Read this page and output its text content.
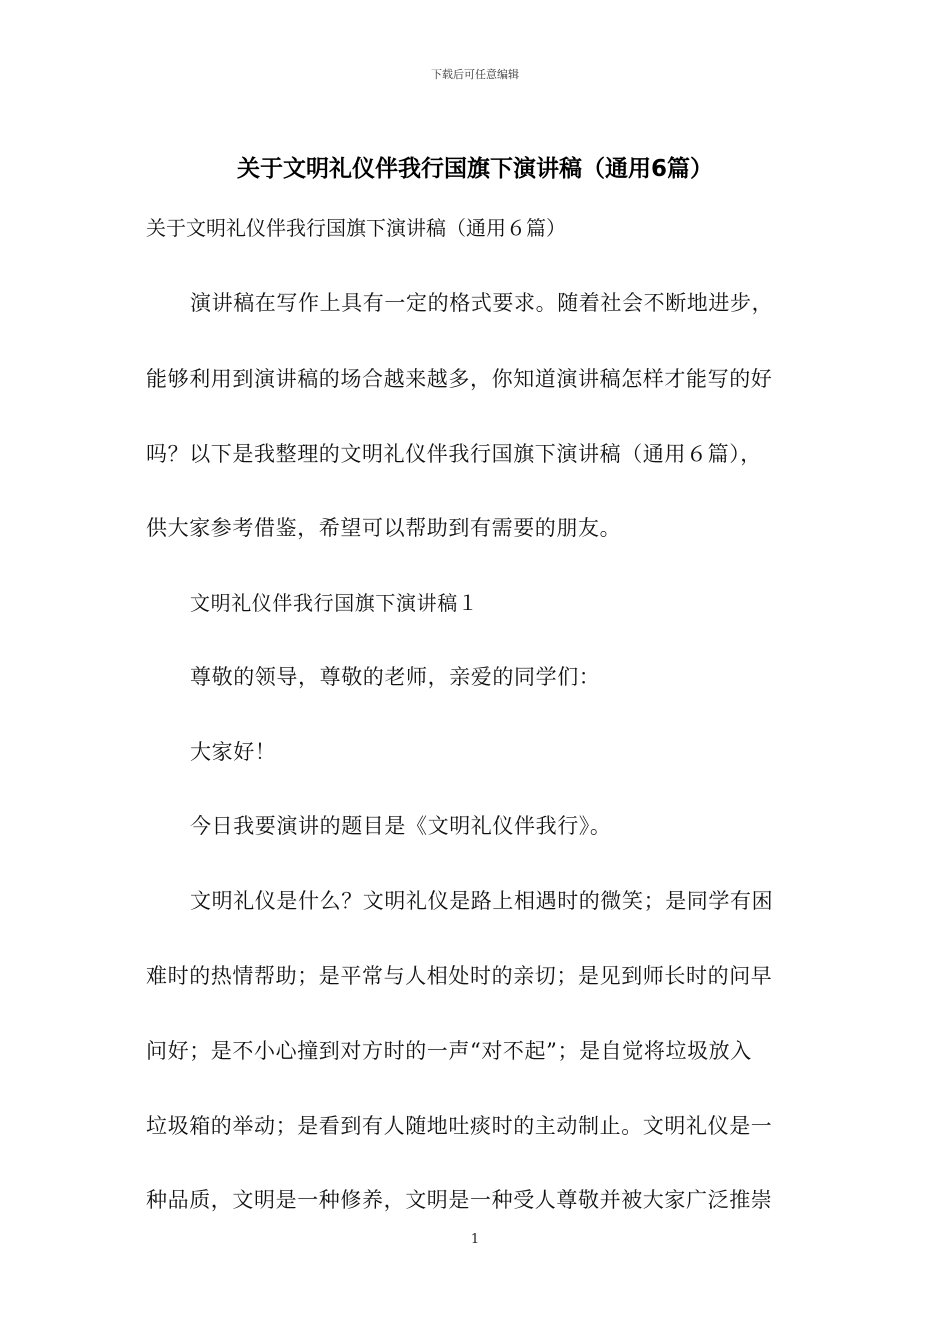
下载后可任意编辑
关于文明礼仪伴我行国旗下演讲稿（通用6篇）
关于文明礼仪伴我行国旗下演讲稿（通用６篇）
演讲稿在写作上具有一定的格式要求。随着社会不断地进步，
能够利用到演讲稿的场合越来越多，你知道演讲稿怎样才能写的好
吗？以下是我整理的文明礼仪伴我行国旗下演讲稿（通用６篇），
供大家参考借鉴，希望可以帮助到有需要的朋友。
文明礼仪伴我行国旗下演讲稿１
尊敬的领导，尊敬的老师，亲爱的同学们：
大家好！
今日我要演讲的题目是《文明礼仪伴我行》。
文明礼仪是什么？文明礼仪是路上相遇时的微笑；是同学有困
难时的热情帮助；是平常与人相处时的亲切；是见到师长时的问早
问好；是不小心撞到对方时的一声“对不起”；是自觉将垃圾放入
垃圾箱的举动；是看到有人随地吐痰时的主动制止。文明礼仪是一
种品质，文明是一种修养，文明是一种受人尊敬并被大家广泛推崇
1
